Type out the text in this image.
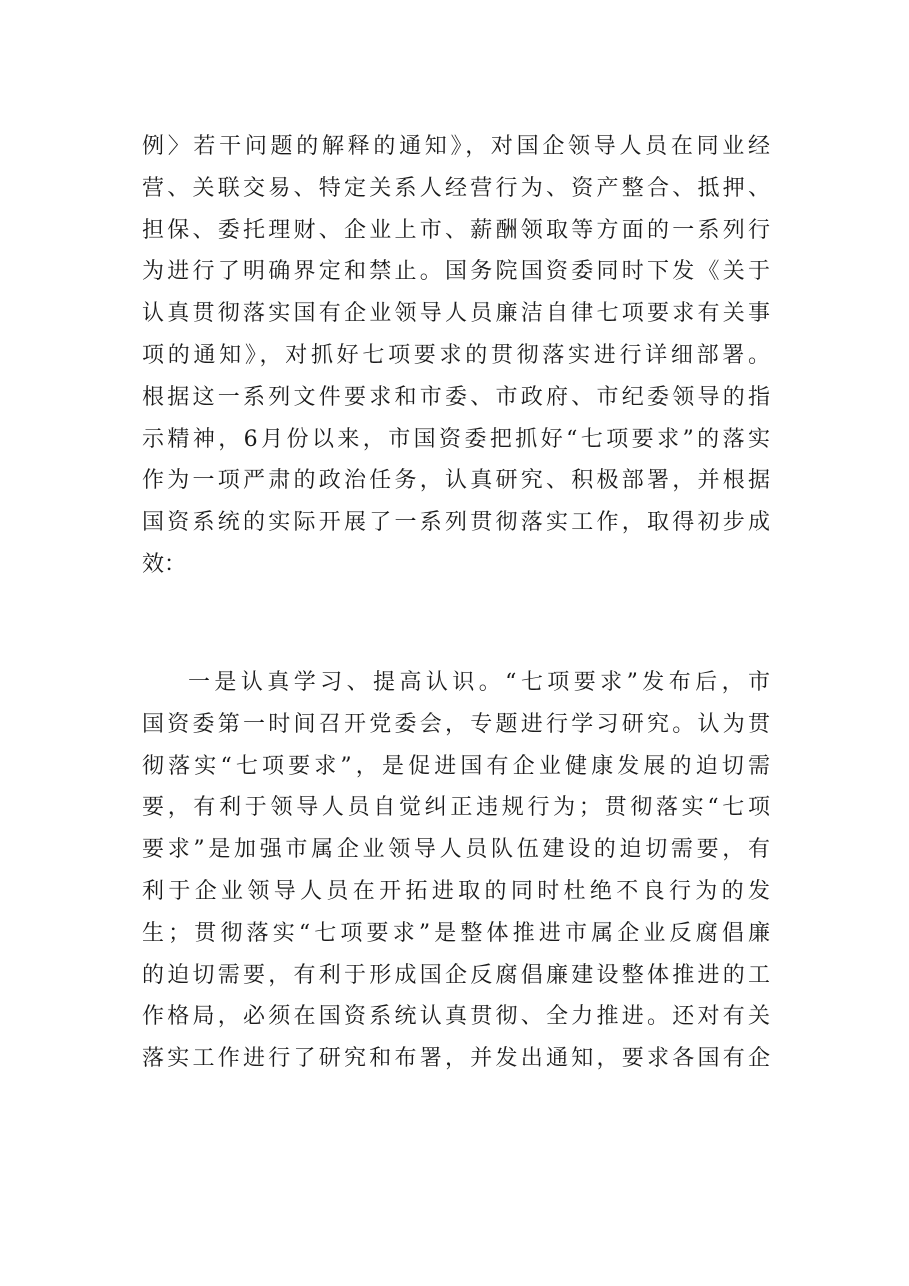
例〉若干问题的解释的通知》，对国企领导人员在同业经
营、关联交易、特定关系人经营行为、资产整合、抵押、
担保、委托理财、企业上市、薪酬领取等方面的一系列行
为进行了明确界定和禁止。国务院国资委同时下发《关于
认真贯彻落实国有企业领导人员廉洁自律七项要求有关事
项的通知》，对抓好七项要求的贯彻落实进行详细部署。
根据这一系列文件要求和市委、市政府、市纪委领导的指
示精神，6月份以来，市国资委把抓好“七项要求”的落实
作为一项严肃的政治任务，认真研究、积极部署，并根据
国资系统的实际开展了一系列贯彻落实工作，取得初步成
效：
一是认真学习、提高认识。“七项要求”发布后，市
国资委第一时间召开党委会，专题进行学习研究。认为贯
彻落实“七项要求”，是促进国有企业健康发展的迫切需
要，有利于领导人员自觉纠正违规行为；贯彻落实“七项
要求”是加强市属企业领导人员队伍建设的迫切需要，有
利于企业领导人员在开拓进取的同时杜绝不良行为的发
生；贯彻落实“七项要求”是整体推进市属企业反腐倡廉
的迫切需要，有利于形成国企反腐倡廉建设整体推进的工
作格局，必须在国资系统认真贯彻、全力推进。还对有关
落实工作进行了研究和布署，并发出通知，要求各国有企
